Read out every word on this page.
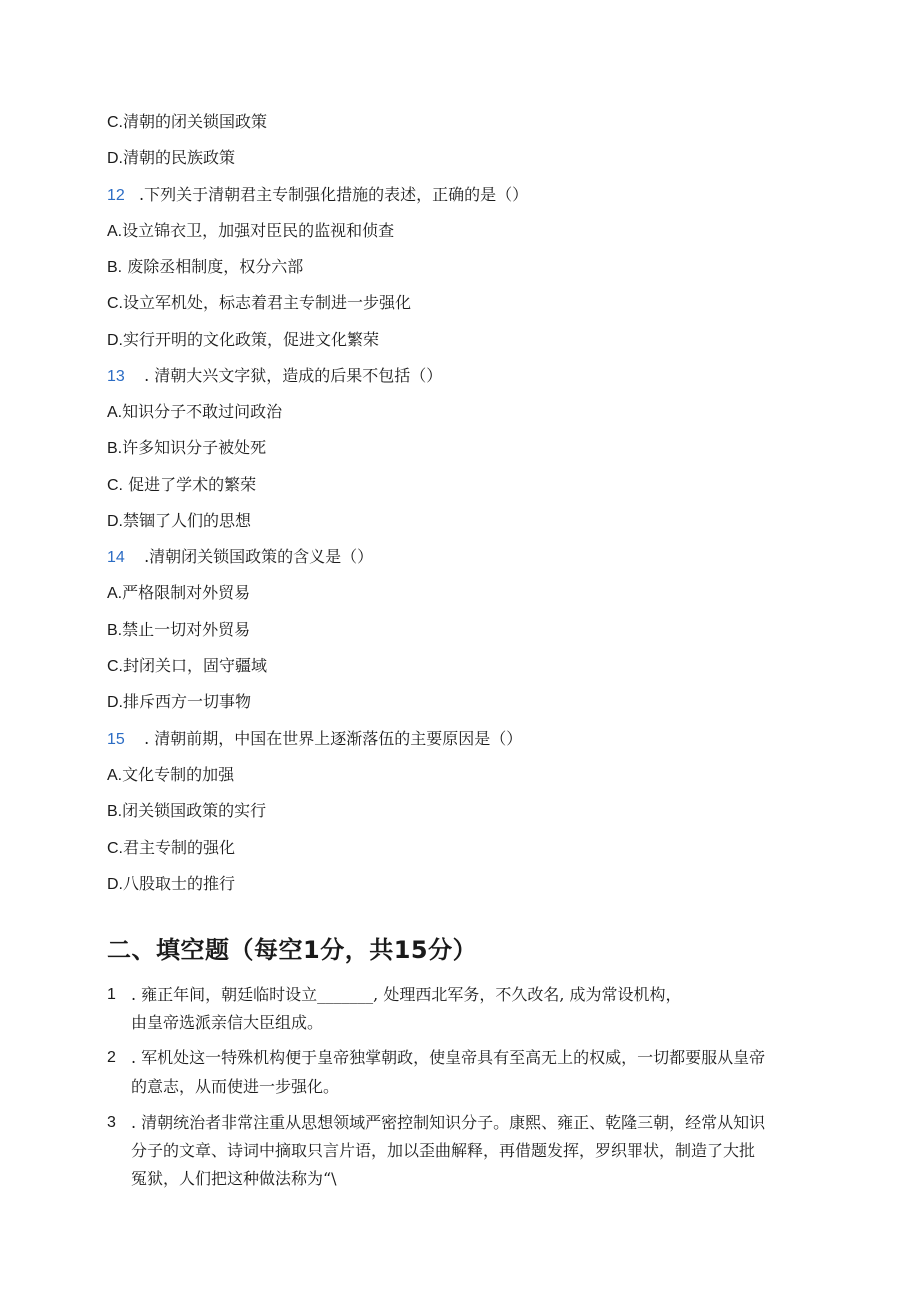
C.清朝的闭关锁国政策
D.清朝的民族政策
12 .下列关于清朝君主专制强化措施的表述，正确的是（）
A.设立锦衣卫，加强对臣民的监视和侦查
B. 废除丞相制度，权分六部
C.设立军机处，标志着君主专制进一步强化
D.实行开明的文化政策，促进文化繁荣
13 . 清朝大兴文字狱，造成的后果不包括（）
A.知识分子不敢过问政治
B.许多知识分子被处死
C. 促进了学术的繁荣
D.禁锢了人们的思想
14 .清朝闭关锁国政策的含义是（）
A.严格限制对外贸易
B.禁止一切对外贸易
C.封闭关口，固守疆域
D.排斥西方一切事物
15 . 清朝前期，中国在世界上逐渐落伍的主要原因是（）
A.文化专制的加强
B.闭关锁国政策的实行
C.君主专制的强化
D.八股取士的推行
二、填空题（每空1分，共15分）
1 . 雍正年间，朝廷临时设立_______, 处理西北军务，不久改名, 成为常设机构，
由皇帝选派亲信大臣组成。
2 . 军机处这一特殊机构便于皇帝独掌朝政，使皇帝具有至高无上的权威，一切都要服从皇帝
的意志，从而使进一步强化。
3 . 清朝统治者非常注重从思想领域严密控制知识分子。康熙、雍正、乾隆三朝，经常从知识
分子的文章、诗词中摘取只言片语，加以歪曲解释，再借题发挥，罗织罪状，制造了大批
冤狱，人们把这种做法称为“\
